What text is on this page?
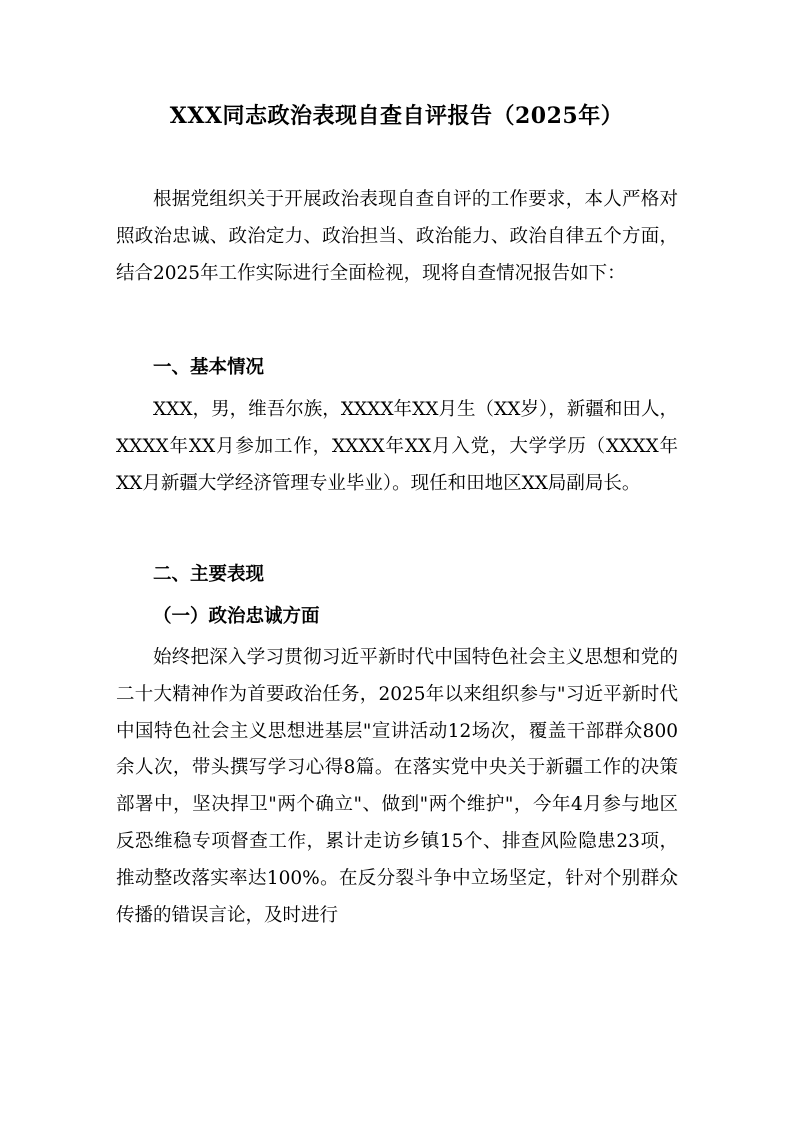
XXX同志政治表现自查自评报告（2025年）

根据党组织关于开展政治表现自查自评的工作要求，本人严格对照政治忠诚、政治定力、政治担当、政治能力、政治自律五个方面，结合2025年工作实际进行全面检视，现将自查情况报告如下：

一、基本情况

XXX，男，维吾尔族，XXXX年XX月生（XX岁），新疆和田人，XXXX年XX月参加工作，XXXX年XX月入党，大学学历（XXXX年XX月新疆大学经济管理专业毕业）。现任和田地区XX局副局长。

二、主要表现

（一）政治忠诚方面

始终把深入学习贯彻习近平新时代中国特色社会主义思想和党的二十大精神作为首要政治任务，2025年以来组织参与"习近平新时代中国特色社会主义思想进基层"宣讲活动12场次，覆盖干部群众800余人次，带头撰写学习心得8篇。在落实党中央关于新疆工作的决策部署中，坚决捍卫"两个确立"、做到"两个维护"，今年4月参与地区反恐维稳专项督查工作，累计走访乡镇15个、排查风险隐患23项，推动整改落实率达100%。在反分裂斗争中立场坚定，针对个别群众传播的错误言论，及时进行
